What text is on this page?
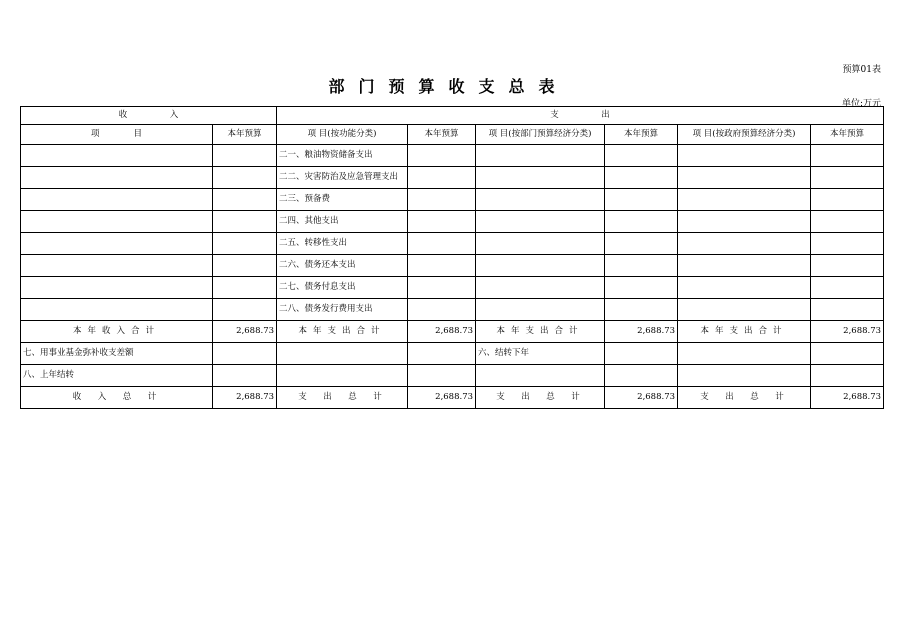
预算01表
部门预算收支总表
单位:万元
收　　　　　入		支　　　　　出					
项　　　　目	本年预算	项 目(按功能分类)	本年预算	项 目(按部门预算经济分类)	本年预算	项 目(按政府预算经济分类)	本年预算
		二一、粮油物资储备支出					
		二二、灾害防治及应急管理支出					
		二三、预备费					
		二四、其他支出					
		二五、转移性支出					
		二六、债务还本支出					
		二七、债务付息支出					
		二八、债务发行费用支出					
本年收入合计	2,688.73	本年支出合计	2,688.73	本年支出合计	2,688.73	本年支出合计	2,688.73
七、用事业基金弥补收支差额				六、结转下年			
八、上年结转							
收　入　总　计	2,688.73	支　出　总　计	2,688.73	支　出　总　计	2,688.73	支　出　总　计	2,688.73
